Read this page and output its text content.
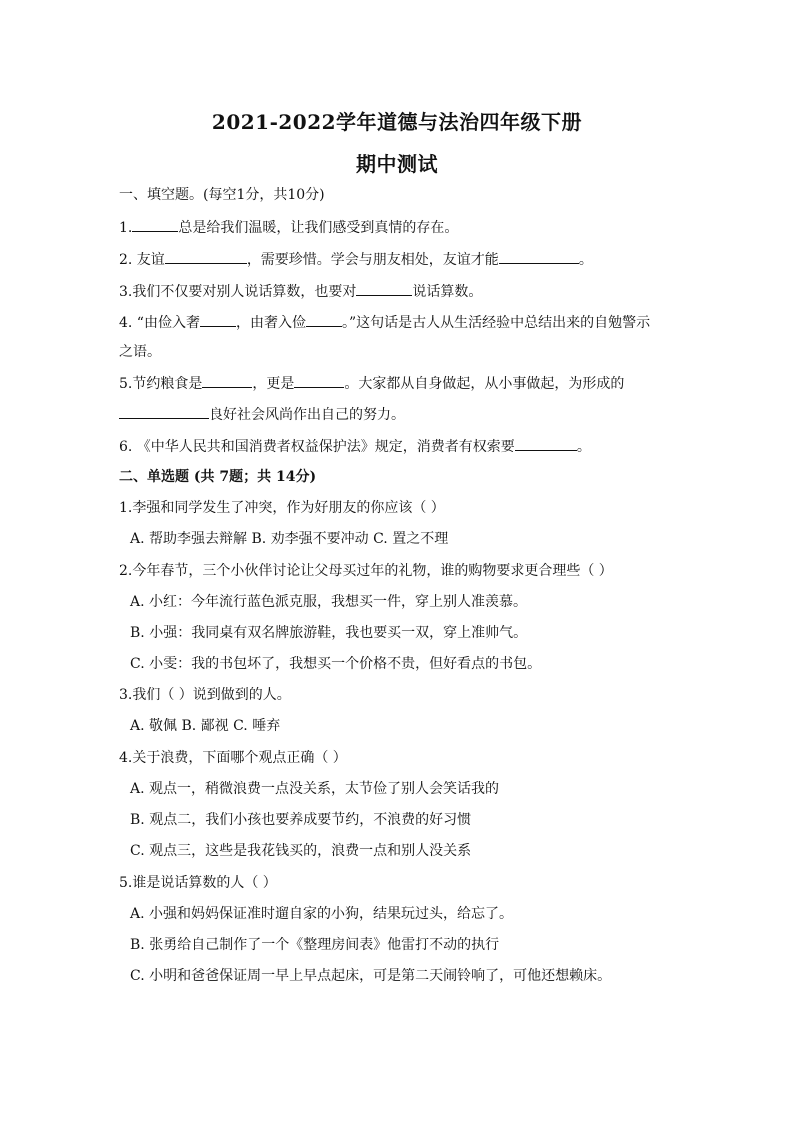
2021-2022学年道德与法治四年级下册
期中测试
一、填空题。(每空1分，共10分)
1.	总是给我们温暖，让我们感受到真情的存在。
2. 友谊	，需要珍惜。学会与朋友相处，友谊才能	。
3.我们不仅要对别人说话算数，也要对	说话算数。
4. “由俭入奢	，由奢入俭	。”这句话是古人从生活经验中总结出来的自勉警示
之语。
5.节约粮食是	，更是	。大家都从自身做起，从小事做起，为形成的
良好社会风尚作出自己的努力。
6. 《中华人民共和国消费者权益保护法》规定，消费者有权索要	。
二、单选题 (共 7题；共 14分)
1.李强和同学发生了冲突，作为好朋友的你应该（ ）
A. 帮助李强去辩解 B. 劝李强不要冲动 C. 置之不理
2.今年春节，三个小伙伴讨论让父母买过年的礼物，谁的购物要求更合理些（ ）
A. 小红：今年流行蓝色派克服，我想买一件，穿上别人准羡慕。
B. 小强：我同桌有双名牌旅游鞋，我也要买一双，穿上准帅气。
C. 小雯：我的书包坏了，我想买一个价格不贵，但好看点的书包。
3.我们（ ）说到做到的人。
A. 敬佩 B. 鄙视 C. 唾弃
4.关于浪费，下面哪个观点正确（ ）
A. 观点一，稍微浪费一点没关系，太节俭了别人会笑话我的
B. 观点二，我们小孩也要养成要节约，不浪费的好习惯
C. 观点三，这些是我花钱买的，浪费一点和别人没关系
5.谁是说话算数的人（ ）
A. 小强和妈妈保证准时遛自家的小狗，结果玩过头，给忘了。
B. 张勇给自己制作了一个《整理房间表》他雷打不动的执行
C. 小明和爸爸保证周一早上早点起床，可是第二天闹铃响了，可他还想赖床。
